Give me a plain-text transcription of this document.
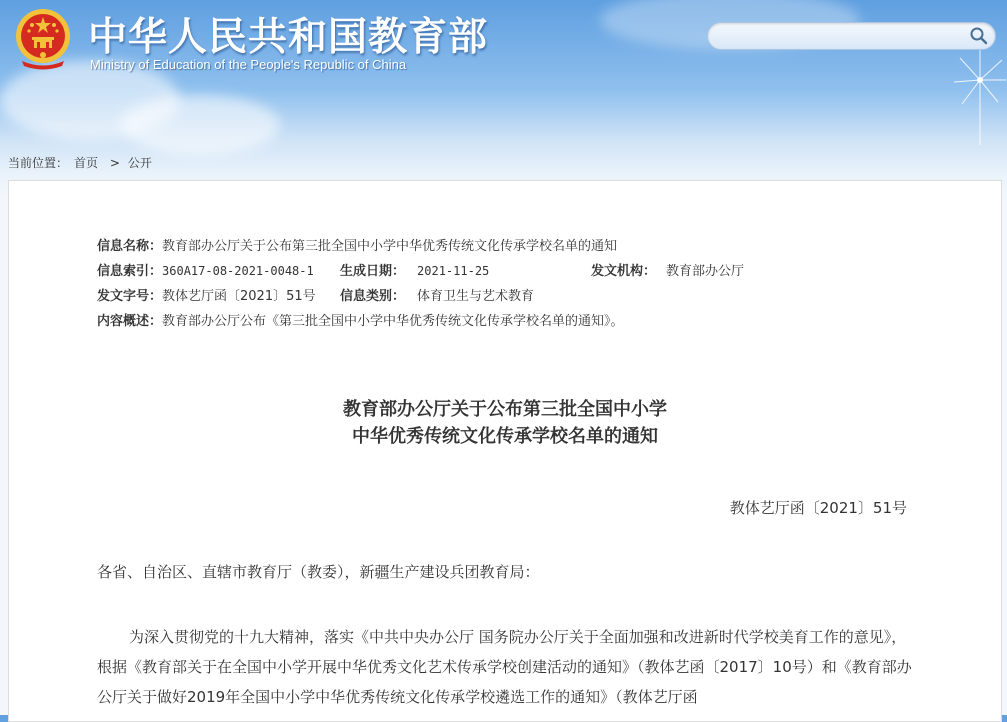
中华人民共和国教育部
Ministry of Education of the People's Republic of China
当前位置： 首页 > 公开
信息名称：教育部办公厅关于公布第三批全国中小学中华优秀传统文化传承学校名单的通知
信息索引：360A17-08-2021-0048-1 生成日期： 2021-11-25	发文机构： 教育部办公厅
发文字号：教体艺厅函〔2021〕51号 信息类别： 体育卫生与艺术教育
内容概述：教育部办公厅公布《第三批全国中小学中华优秀传统文化传承学校名单的通知》。
教育部办公厅关于公布第三批全国中小学
中华优秀传统文化传承学校名单的通知
教体艺厅函〔2021〕51号
各省、自治区、直辖市教育厅（教委），新疆生产建设兵团教育局：

为深入贯彻党的十九大精神，落实《中共中央办公厅 国务院办公厅关于全面加强和改进新时代学校美育工作的意见》，根据《教育部关于在全国中小学开展中华优秀文化艺术传承学校创建活动的通知》（教体艺函〔2017〕10号）和《教育部办公厅关于做好2019年全国中小学中华优秀传统文化传承学校遴选工作的通知》（教体艺厅函
